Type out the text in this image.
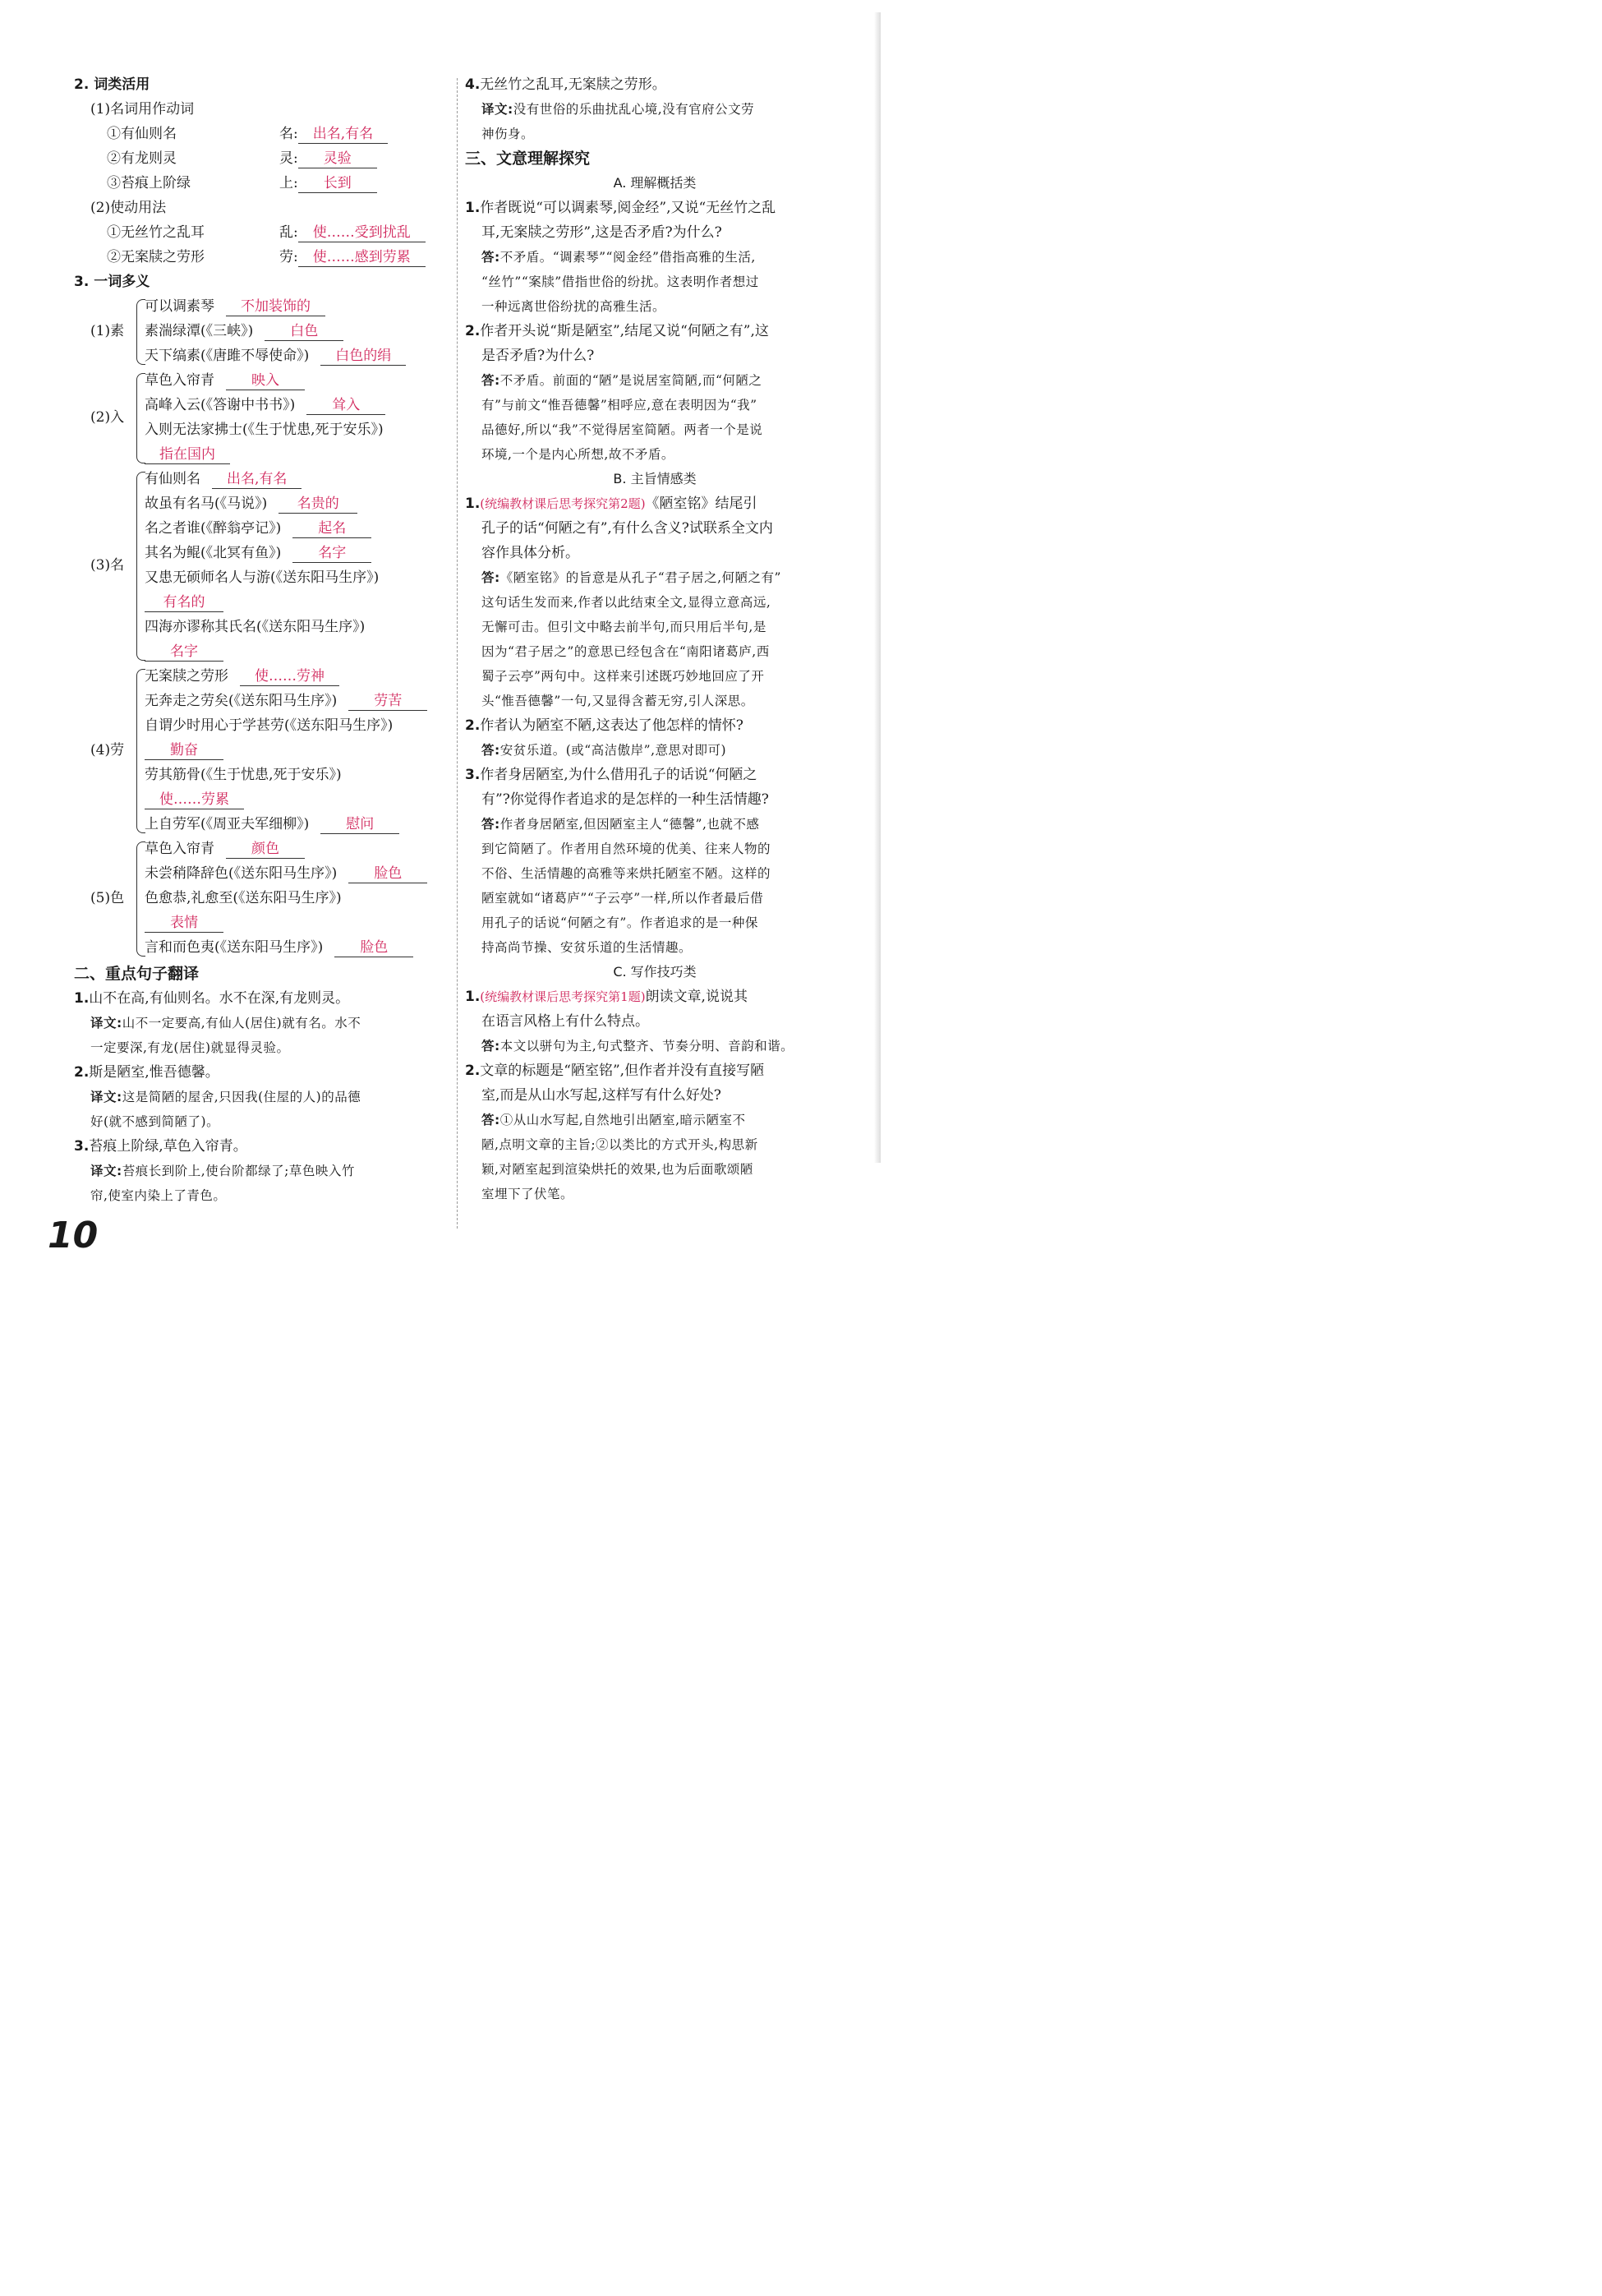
2. 词类活用
(1)名词用作动词
①有仙则名	名: 出名,有名
②有龙则灵	灵: 灵验
③苔痕上阶绿	上: 长到
(2)使动用法
①无丝竹之乱耳	乱: 使……受到扰乱
②无案牍之劳形	劳: 使……感到劳累
3. 一词多义
(1)素
可以调素琴 不加装饰的
素湍绿潭(《三峡》)	白色
天下缟素(《唐雎不辱使命》) 白色的绢
(2)入
草色入帘青	映入
高峰入云(《答谢中书书》)	耸入
入则无法家拂士(《生于忧患,死于安乐》)
指在国内
(3)名
有仙则名 出名,有名
故虽有名马(《马说》) 名贵的
名之者谁(《醉翁亭记》)	起名
其名为鲲(《北冥有鱼》)	名字
又患无硕师名人与游(《送东阳马生序》)
有名的
四海亦谬称其氏名(《送东阳马生序》)
名字
(4)劳
无案牍之劳形 使……劳神
无奔走之劳矣(《送东阳马生序》)	劳苦
自谓少时用心于学甚劳(《送东阳马生序》)
勤奋
劳其筋骨(《生于忧患,死于安乐》)
使……劳累
上自劳军(《周亚夫军细柳》)	慰问
(5)色
草色入帘青	颜色
未尝稍降辞色(《送东阳马生序》)	脸色
色愈恭,礼愈至(《送东阳马生序》)
表情
言和而色夷(《送东阳马生序》)	脸色
二、重点句子翻译
1.山不在高,有仙则名。水不在深,有龙则灵。
译文:山不一定要高,有仙人(居住)就有名。水不
一定要深,有龙(居住)就显得灵验。
2.斯是陋室,惟吾德馨。
译文:这是简陋的屋舍,只因我(住屋的人)的品德
好(就不感到简陋了)。
3.苔痕上阶绿,草色入帘青。
译文:苔痕长到阶上,使台阶都绿了;草色映入竹
帘,使室内染上了青色。
4.无丝竹之乱耳,无案牍之劳形。
译文:没有世俗的乐曲扰乱心境,没有官府公文劳
神伤身。
三、文意理解探究
A. 理解概括类
1.作者既说“可以调素琴,阅金经”,又说“无丝竹之乱
耳,无案牍之劳形”,这是否矛盾?为什么?
答:不矛盾。“调素琴”“阅金经”借指高雅的生活,
“丝竹”“案牍”借指世俗的纷扰。这表明作者想过
一种远离世俗纷扰的高雅生活。
2.作者开头说“斯是陋室”,结尾又说“何陋之有”,这
是否矛盾?为什么?
答:不矛盾。前面的“陋”是说居室简陋,而“何陋之
有”与前文“惟吾德馨”相呼应,意在表明因为“我”
品德好,所以“我”不觉得居室简陋。两者一个是说
环境,一个是内心所想,故不矛盾。
B. 主旨情感类
1.(统编教材课后思考探究第2题)《陋室铭》结尾引
孔子的话“何陋之有”,有什么含义?试联系全文内
容作具体分析。
答:《陋室铭》的旨意是从孔子“君子居之,何陋之有”
这句话生发而来,作者以此结束全文,显得立意高远,
无懈可击。但引文中略去前半句,而只用后半句,是
因为“君子居之”的意思已经包含在“南阳诸葛庐,西
蜀子云亭”两句中。这样来引述既巧妙地回应了开
头“惟吾德馨”一句,又显得含蓄无穷,引人深思。
2.作者认为陋室不陋,这表达了他怎样的情怀?
答:安贫乐道。(或“高洁傲岸”,意思对即可)
3.作者身居陋室,为什么借用孔子的话说“何陋之
有”?你觉得作者追求的是怎样的一种生活情趣?
答:作者身居陋室,但因陋室主人“德馨”,也就不感
到它简陋了。作者用自然环境的优美、往来人物的
不俗、生活情趣的高雅等来烘托陋室不陋。这样的
陋室就如“诸葛庐”“子云亭”一样,所以作者最后借
用孔子的话说“何陋之有”。作者追求的是一种保
持高尚节操、安贫乐道的生活情趣。
C. 写作技巧类
1.(统编教材课后思考探究第1题)朗读文章,说说其
在语言风格上有什么特点。
答:本文以骈句为主,句式整齐、节奏分明、音韵和谐。
2.文章的标题是“陋室铭”,但作者并没有直接写陋
室,而是从山水写起,这样写有什么好处?
答:①从山水写起,自然地引出陋室,暗示陋室不
陋,点明文章的主旨;②以类比的方式开头,构思新
颖,对陋室起到渲染烘托的效果,也为后面歌颂陋
室埋下了伏笔。
10
